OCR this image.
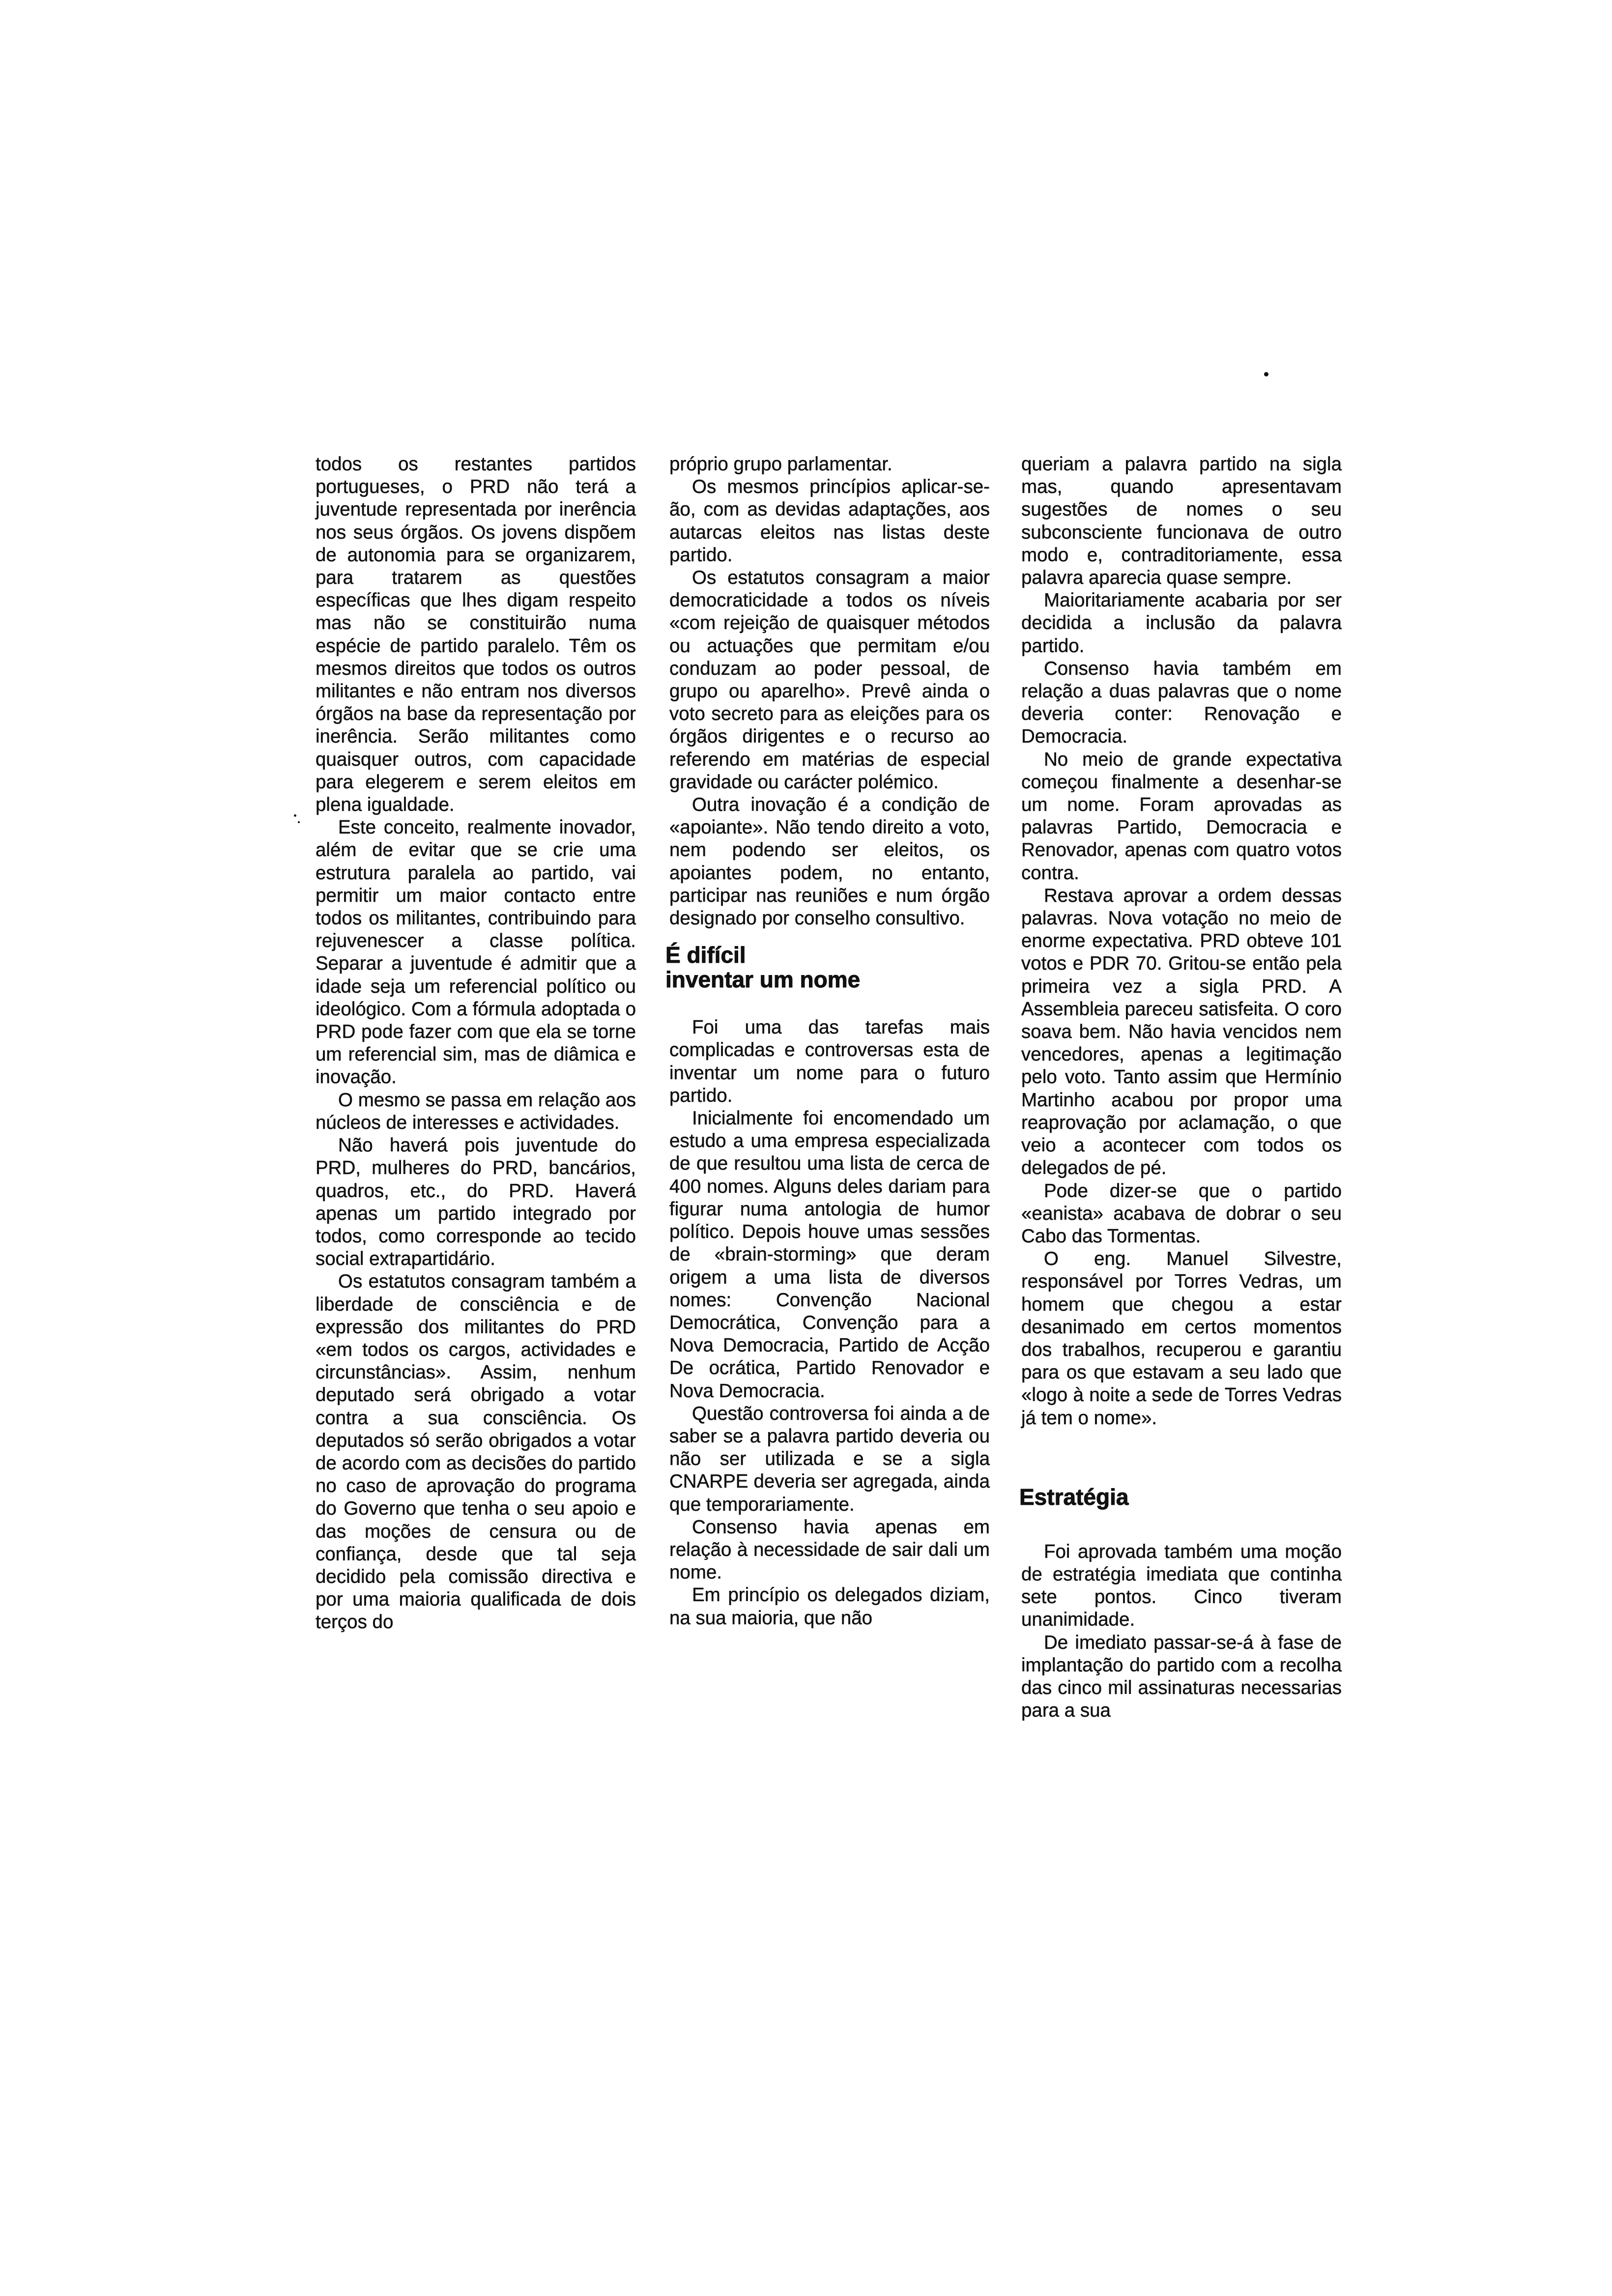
todos os restantes partidos portugueses, o PRD não terá a juventude representada por inerência nos seus órgãos. Os jovens dispõem de autonomia para se organizarem, para tratarem as questões específicas que lhes digam respeito mas não se constituirão numa espécie de partido paralelo. Têm os mesmos direitos que todos os outros militantes e não entram nos diversos órgãos na base da representação por inerência. Serão militantes como quaisquer outros, com capacidade para elegerem e serem eleitos em plena igualdade.

Este conceito, realmente inovador, além de evitar que se crie uma estrutura paralela ao partido, vai permitir um maior contacto entre todos os militantes, contribuindo para rejuvenescer a classe política. Separar a juventude é admitir que a idade seja um referencial político ou ideológico. Com a fórmula adoptada o PRD pode fazer com que ela se torne um referencial sim, mas de diâmica e inovação.

O mesmo se passa em relação aos núcleos de interesses e actividades.

Não haverá pois juventude do PRD, mulheres do PRD, bancários, quadros, etc., do PRD. Haverá apenas um partido integrado por todos, como corresponde ao tecido social extrapartidário.

Os estatutos consagram também a liberdade de consciência e de expressão dos militantes do PRD «em todos os cargos, actividades e circunstâncias». Assim, nenhum deputado será obrigado a votar contra a sua consciência. Os deputados só serão obrigados a votar de acordo com as decisões do partido no caso de aprovação do programa do Governo que tenha o seu apoio e das moções de censura ou de confiança, desde que tal seja decidido pela comissão directiva e por uma maioria qualificada de dois terços do

próprio grupo parlamentar.

Os mesmos princípios aplicar-se-ão, com as devidas adaptações, aos autarcas eleitos nas listas deste partido.

Os estatutos consagram a maior democraticidade a todos os níveis «com rejeição de quaisquer métodos ou actuações que permitam e/ou conduzam ao poder pessoal, de grupo ou aparelho». Prevê ainda o voto secreto para as eleições para os órgãos dirigentes e o recurso ao referendo em matérias de especial gravidade ou carácter polémico.

Outra inovação é a condição de «apoiante». Não tendo direito a voto, nem podendo ser eleitos, os apoiantes podem, no entanto, participar nas reuniões e num órgão designado por conselho consultivo.

É difícil
inventar um nome

Foi uma das tarefas mais complicadas e controversas esta de inventar um nome para o futuro partido.

Inicialmente foi encomendado um estudo a uma empresa especializada de que resultou uma lista de cerca de 400 nomes. Alguns deles dariam para figurar numa antologia de humor político. Depois houve umas sessões de «brain-storming» que deram origem a uma lista de diversos nomes: Convenção Nacional Democrática, Convenção para a Nova Democracia, Partido de Acção De ocrática, Partido Renovador e Nova Democracia.

Questão controversa foi ainda a de saber se a palavra partido deveria ou não ser utilizada e se a sigla CNARPE deveria ser agregada, ainda que temporariamente.

Consenso havia apenas em relação à necessidade de sair dali um nome.

Em princípio os delegados diziam, na sua maioria, que não

queriam a palavra partido na sigla mas, quando apresentavam sugestões de nomes o seu subconsciente funcionava de outro modo e, contraditoriamente, essa palavra aparecia quase sempre.

Maioritariamente acabaria por ser decidida a inclusão da palavra partido.

Consenso havia também em relação a duas palavras que o nome deveria conter: Renovação e Democracia.

No meio de grande expectativa começou finalmente a desenhar-se um nome. Foram aprovadas as palavras Partido, Democracia e Renovador, apenas com quatro votos contra.

Restava aprovar a ordem dessas palavras. Nova votação no meio de enorme expectativa. PRD obteve 101 votos e PDR 70. Gritou-se então pela primeira vez a sigla PRD. A Assembleia pareceu satisfeita. O coro soava bem. Não havia vencidos nem vencedores, apenas a legitimação pelo voto. Tanto assim que Hermínio Martinho acabou por propor uma reaprovação por aclamação, o que veio a acontecer com todos os delegados de pé.

Pode dizer-se que o partido «eanista» acabava de dobrar o seu Cabo das Tormentas.

O eng. Manuel Silvestre, responsável por Torres Vedras, um homem que chegou a estar desanimado em certos momentos dos trabalhos, recuperou e garantiu para os que estavam a seu lado que «logo à noite a sede de Torres Vedras já tem o nome».

Estratégia

Foi aprovada também uma moção de estratégia imediata que continha sete pontos. Cinco tiveram unanimidade.

De imediato passar-se-á à fase de implantação do partido com a recolha das cinco mil assinaturas necessarias para a sua
